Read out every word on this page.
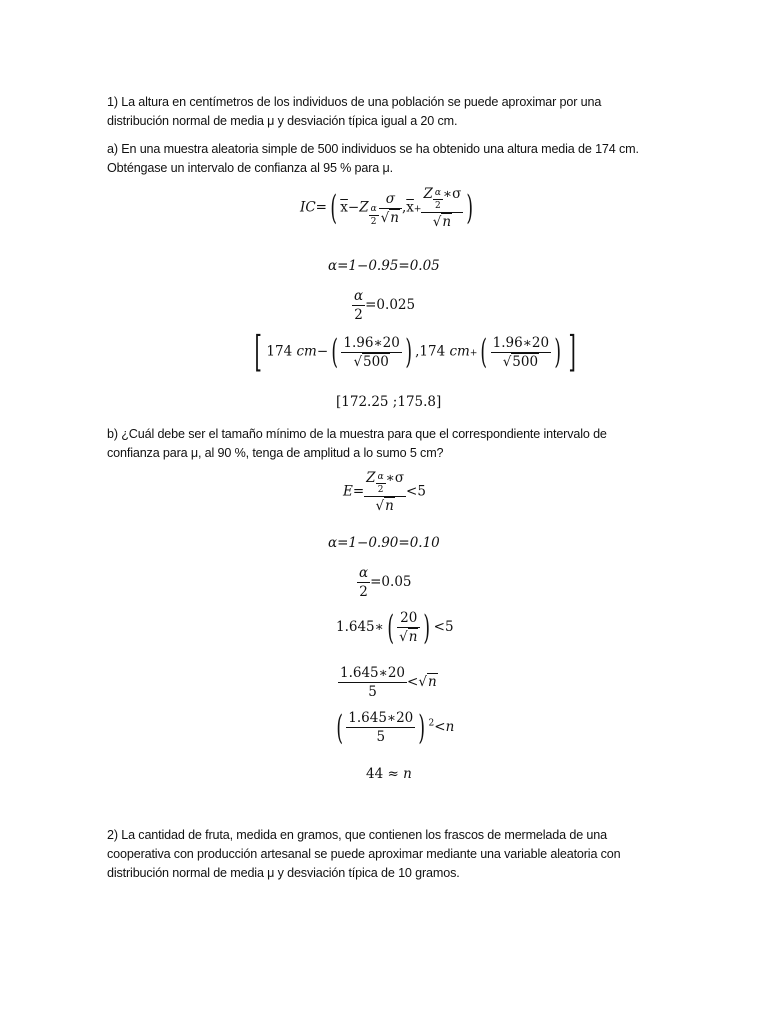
1) La altura en centímetros de los individuos de una población se puede aproximar por una
distribución normal de media μ y desviación típica igual a 20 cm.
a) En una muestra aleatoria simple de 500 individuos se ha obtenido una altura media de 174 cm.
Obténgase un intervalo de confianza al 95 % para μ.
IC=( $\overline{x}-Z \frac{\alpha}{2} \frac{\sigma}{√n} ,\overline{x}+ \frac{Z \frac{\alpha}{2} ∗\sigma}{√n}$ )
α=1−0.95=0.05
$\frac{\alpha}{2} =0.025$
[ 174 $cm-( \frac{1.96∗20}{√500}$ ) ,174 $cm+( \frac{1.96∗20}{√500}$ ) ]
[172.25 ;175.8]
b) ¿Cuál debe ser el tamaño mínimo de la muestra para que el correspondiente intervalo de
confianza para μ, al 90 %, tenga de amplitud a lo sumo 5 cm?
$E= \frac{Z \frac{\alpha}{2} ∗\sigma}{√n} <5$
α=1−0.90=0.10
$\frac{\alpha}{2} =0.05$
1.645∗( $\frac{20}{√n}$ ) <5
$\frac{1.645∗20}{5} <√n$
( $\frac{1.645∗20}{5}$ ) $^2$<n
44 ≈ n
2) La cantidad de fruta, medida en gramos, que contienen los frascos de mermelada de una
cooperativa con producción artesanal se puede aproximar mediante una variable aleatoria con
distribución normal de media μ y desviación típica de 10 gramos.
